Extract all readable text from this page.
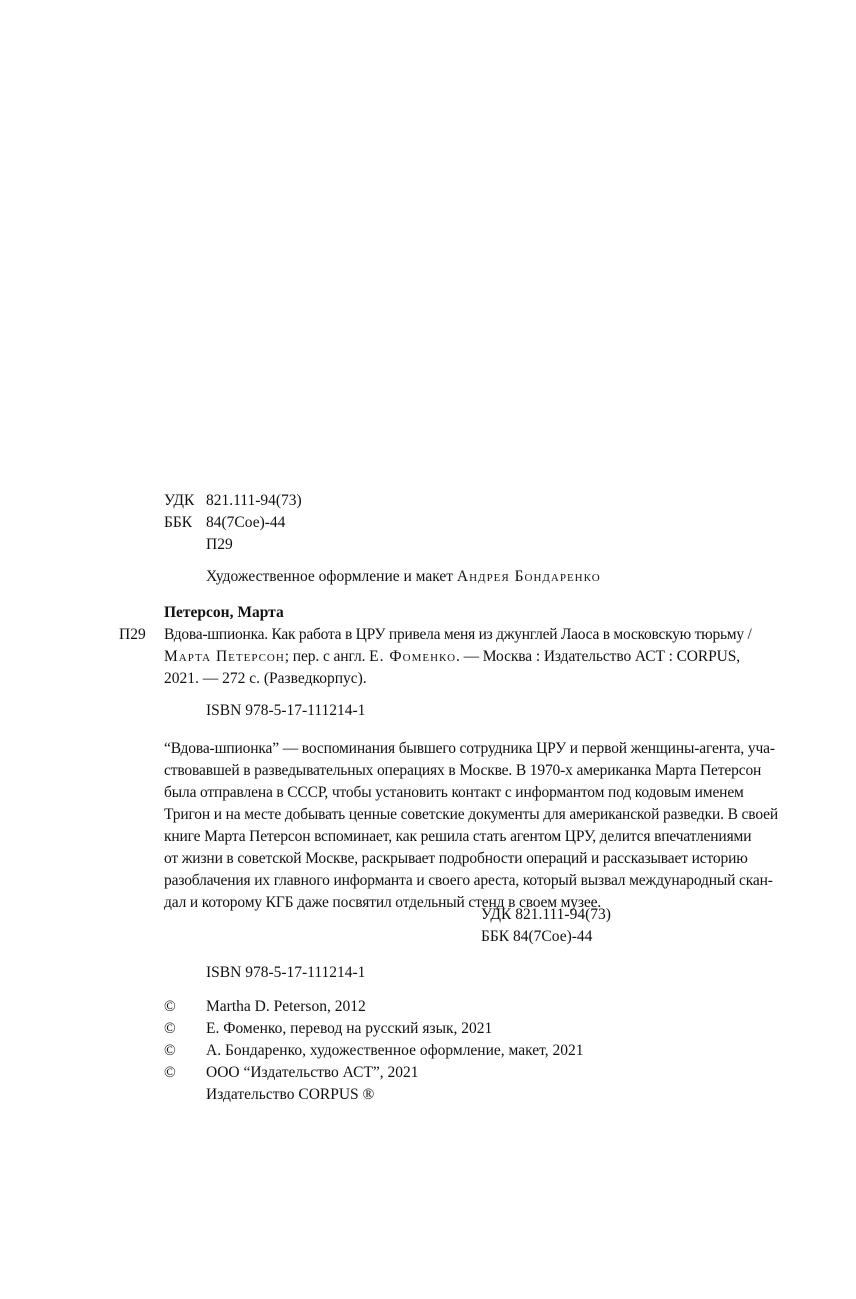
УДК 821.111-94(73)
ББК 84(7Сое)-44
П29
Художественное оформление и макет Андрея Бондаренко
Петерсон, Марта
П29 Вдова-шпионка. Как работа в ЦРУ привела меня из джунглей Лаоса в московскую тюрьму /
Марта Петерсон; пер. с англ. Е. Фоменко. — Москва : Издательство АСТ : CORPUS,
2021. — 272 с. (Разведкорпус).
ISBN 978-5-17-111214-1
“Вдова-шпионка” — воспоминания бывшего сотрудника ЦРУ и первой женщины-агента, уча-
ствовавшей в разведывательных операциях в Москве. В 1970-х американка Марта Петерсон
была отправлена в СССР, чтобы установить контакт с информантом под кодовым именем
Тригон и на месте добывать ценные советские документы для американской разведки. В своей
книге Марта Петерсон вспоминает, как решила стать агентом ЦРУ, делится впечатлениями
от жизни в советской Москве, раскрывает подробности операций и рассказывает историю
разоблачения их главного информанта и своего ареста, который вызвал международный скан-
дал и которому КГБ даже посвятил отдельный стенд в своем музее.
УДК 821.111-94(73)
ББК 84(7Сое)-44
ISBN 978-5-17-111214-1
© Martha D. Peterson, 2012
© Е. Фоменко, перевод на русский язык, 2021
© А. Бондаренко, художественное оформление, макет, 2021
© ООО “Издательство АСТ”, 2021
Издательство CORPUS ®
